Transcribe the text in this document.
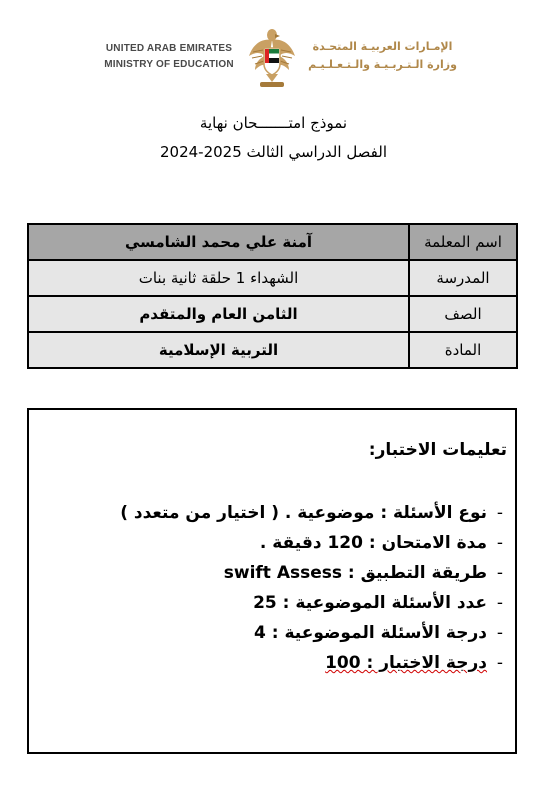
UNITED ARAB EMIRATES
MINISTRY OF EDUCATION
الإمـارات العربيـة المتحـدة
وزارة الـتـربـيـة والـتـعـلـيـم
نموذج امتـــــــحان نهاية
الفصل الدراسي الثالث 2025-2024
اسم المعلمة	آمنة علي محمد الشامسي
المدرسة	الشهداء 1 حلقة ثانية بنات
الصف	الثامن العام والمتقدم
المادة	التربية الإسلامية
تعليمات الاختبار:
-نوع الأسئلة : موضوعية . ( اختيار من متعدد )
-مدة الامتحان : 120 دقيقة .
-طريقة التطبيق : swift Assess
-عدد الأسئلة الموضوعية : 25
-درجة الأسئلة الموضوعية : 4
-درجة الاختبار : 100
